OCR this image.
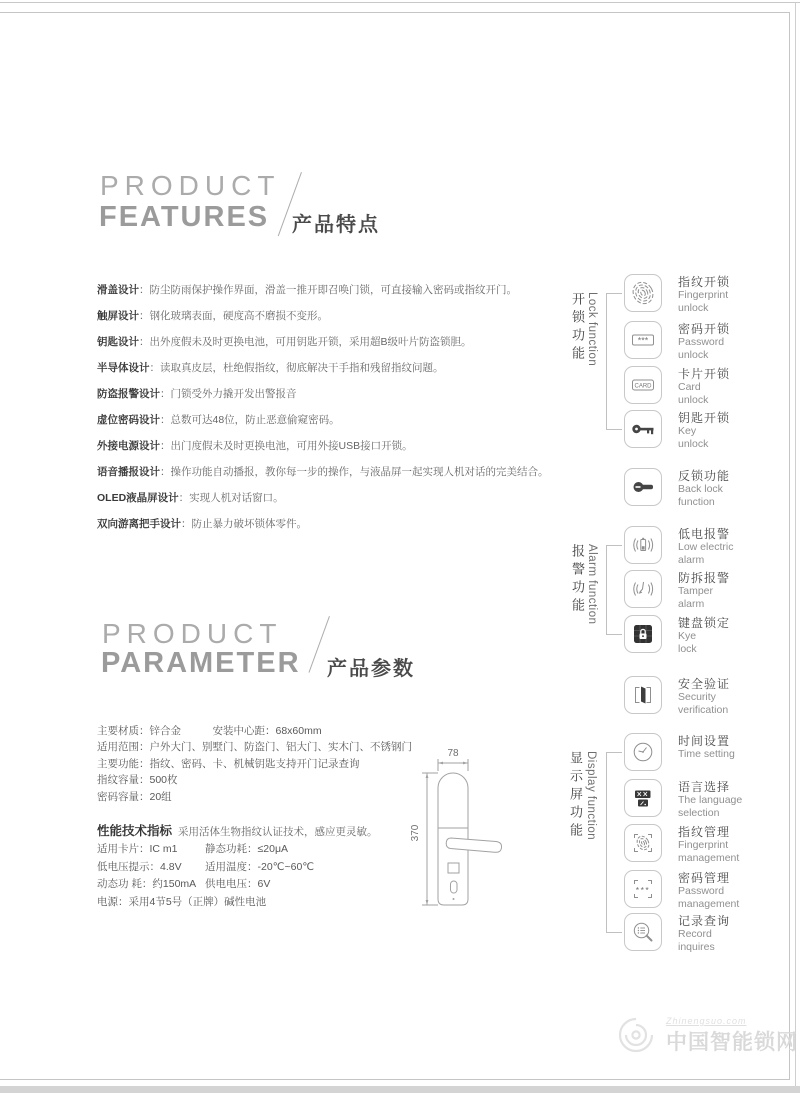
PRODUCT
FEATURES 产品特点
滑盖设计：防尘防雨保护操作界面，滑盖一推开即召唤门锁，可直接输入密码或指纹开门。
触屏设计：钢化玻璃表面，硬度高不磨损不变形。
钥匙设计：出外度假未及时更换电池，可用钥匙开锁，采用超B级叶片防盗锁胆。
半导体设计：读取真皮层，杜绝假指纹，彻底解决干手指和残留指纹问题。
防盗报警设计：门锁受外力撬开发出警报音
虚位密码设计：总数可达48位，防止恶意偷窥密码。
外接电源设计：出门度假未及时更换电池，可用外接USB接口开锁。
语音播报设计：操作功能自动播报，教你每一步的操作，与液晶屏一起实现人机对话的完美结合。
OLED液晶屏设计：实现人机对话窗口。
双向游离把手设计：防止暴力破坏锁体零件。
PRODUCT
PARAMETER 产品参数
主要材质：锌合金　　　安装中心距：68x60mm
适用范围：户外大门、别墅门、防盗门、铝大门、实木门、不锈钢门
主要功能：指纹、密码、卡、机械钥匙支持开门记录查询
指纹容量：500枚
密码容量：20组
性能技术指标 采用活体生物指纹认证技术，感应更灵敏。
适用卡片：IC m1	静态功耗：≤20μA
低电压提示：4.8V	适用温度：-20℃~60℃
动态功 耗：约150mA 供电电压：6V
电源：采用4节5号（正牌）碱性电池
78
370
开锁功能 Lock function
报警功能 Alarm function
显示屏功能 Display function
指纹开锁
Fingerprint
unlock
***
密码开锁
Password
unlock
CARD
卡片开锁
Card
unlock
钥匙开锁
Key
unlock
反锁功能
Back lock
function
低电报警
Low electric
alarm
防拆报警
Tamper
alarm
键盘锁定
Kye
lock
安全验证
Security
verification
时间设置
Time setting
语言选择
The language
selection
指纹管理
Fingerprint
management
***
密码管理
Password
management
记录查询
Record
inquires
Zhinengsuo.com
中国智能锁网
